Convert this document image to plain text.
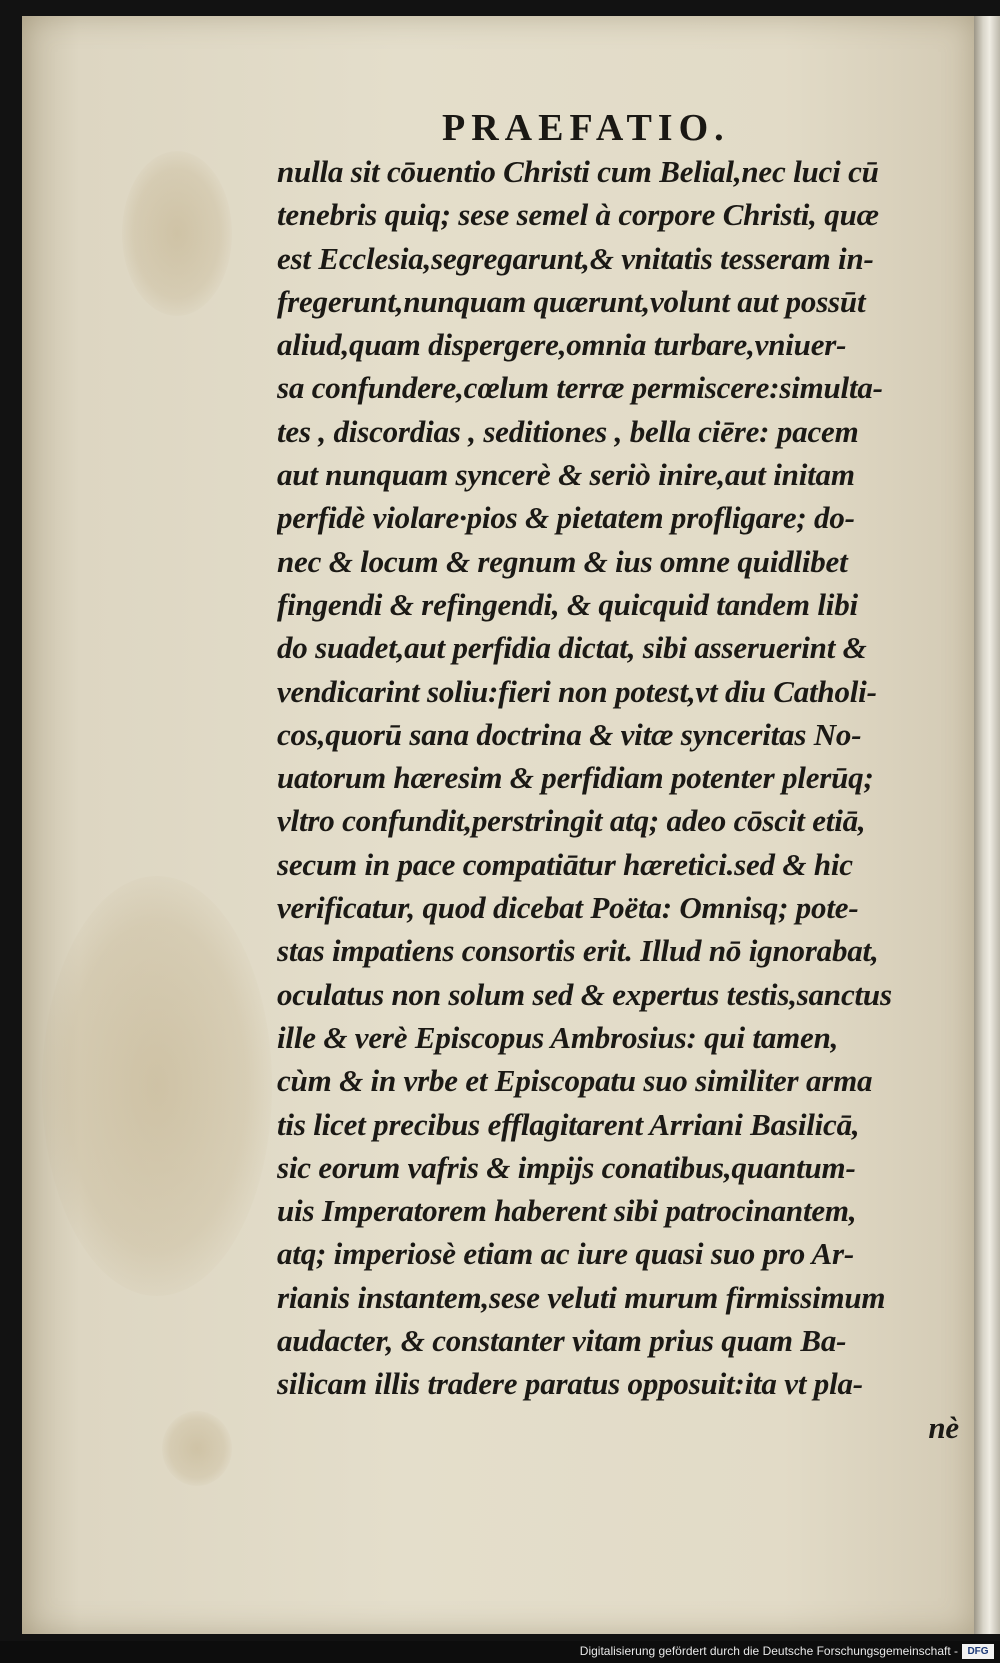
PRAEFATIO.
nulla sit cōuentio Christi cum Belial,nec luci cū
tenebris quiq; sese semel à corpore Christi, quæ
est Ecclesia,segregarunt,& vnitatis tesseram in-
fregerunt,nunquam quærunt,volunt aut possūt
aliud,quam dispergere,omnia turbare,vniuer-
sa confundere,cœlum terræ permiscere:simulta-
tes , discordias , seditiones , bella ciēre: pacem
aut nunquam syncerè & seriò inire,aut initam
perfidè violare·pios & pietatem profligare; do-
nec & locum & regnum & ius omne quidlibet
fingendi & refingendi, & quicquid tandem libi
do suadet,aut perfidia dictat, sibi asseruerint &
vendicarint soliu:fieri non potest,vt diu Catholi-
cos,quorū sana doctrina & vitæ synceritas No-
uatorum hæresim & perfidiam potenter plerūq;
vltro confundit,perstringit atq; adeo cōscit etiā,
secum in pace compatiātur hæretici.sed & hic
verificatur, quod dicebat Poëta: Omnisq; pote-
stas impatiens consortis erit. Illud nō ignorabat,
oculatus non solum sed & expertus testis,sanctus
ille & verè Episcopus Ambrosius: qui tamen,
cùm & in vrbe et Episcopatu suo similiter arma
tis licet precibus efflagitarent Arriani Basilicā,
sic eorum vafris & impijs conatibus,quantum-
uis Imperatorem haberent sibi patrocinantem,
atq; imperiosè etiam ac iure quasi suo pro Ar-
rianis instantem,sese veluti murum firmissimum
audacter, & constanter vitam prius quam Ba-
silicam illis tradere paratus opposuit:ita vt pla-
nè
Digitalisierung gefördert durch die Deutsche Forschungsgemeinschaft - DFG
